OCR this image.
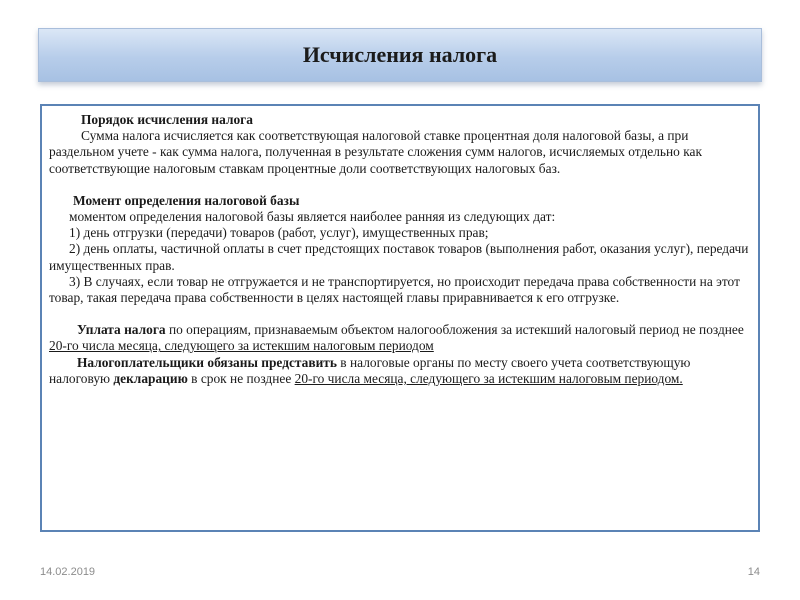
Исчисления налога

Порядок исчисления налога

Сумма налога исчисляется как соответствующая налоговой ставке процентная доля налоговой базы, а при раздельном учете - как сумма налога, полученная в результате сложения сумм налогов, исчисляемых отдельно как соответствующие налоговым ставкам процентные доли соответствующих налоговых баз.

Момент определения налоговой базы

моментом определения налоговой базы является наиболее ранняя из следующих дат:

1) день отгрузки (передачи) товаров (работ, услуг), имущественных прав;

2) день оплаты, частичной оплаты в счет предстоящих поставок товаров (выполнения работ, оказания услуг), передачи имущественных прав.

3) В случаях, если товар не отгружается и не транспортируется, но происходит передача права собственности на этот товар, такая передача права собственности в целях настоящей главы приравнивается к его отгрузке.

Уплата налога по операциям, признаваемым объектом налогообложения за истекший налоговый период не позднее 20-го числа месяца, следующего за истекшим налоговым периодом

Налогоплательщики обязаны представить в налоговые органы по месту своего учета соответствующую налоговую декларацию в срок не позднее 20-го числа месяца, следующего за истекшим налоговым периодом.

14.02.2019	14
